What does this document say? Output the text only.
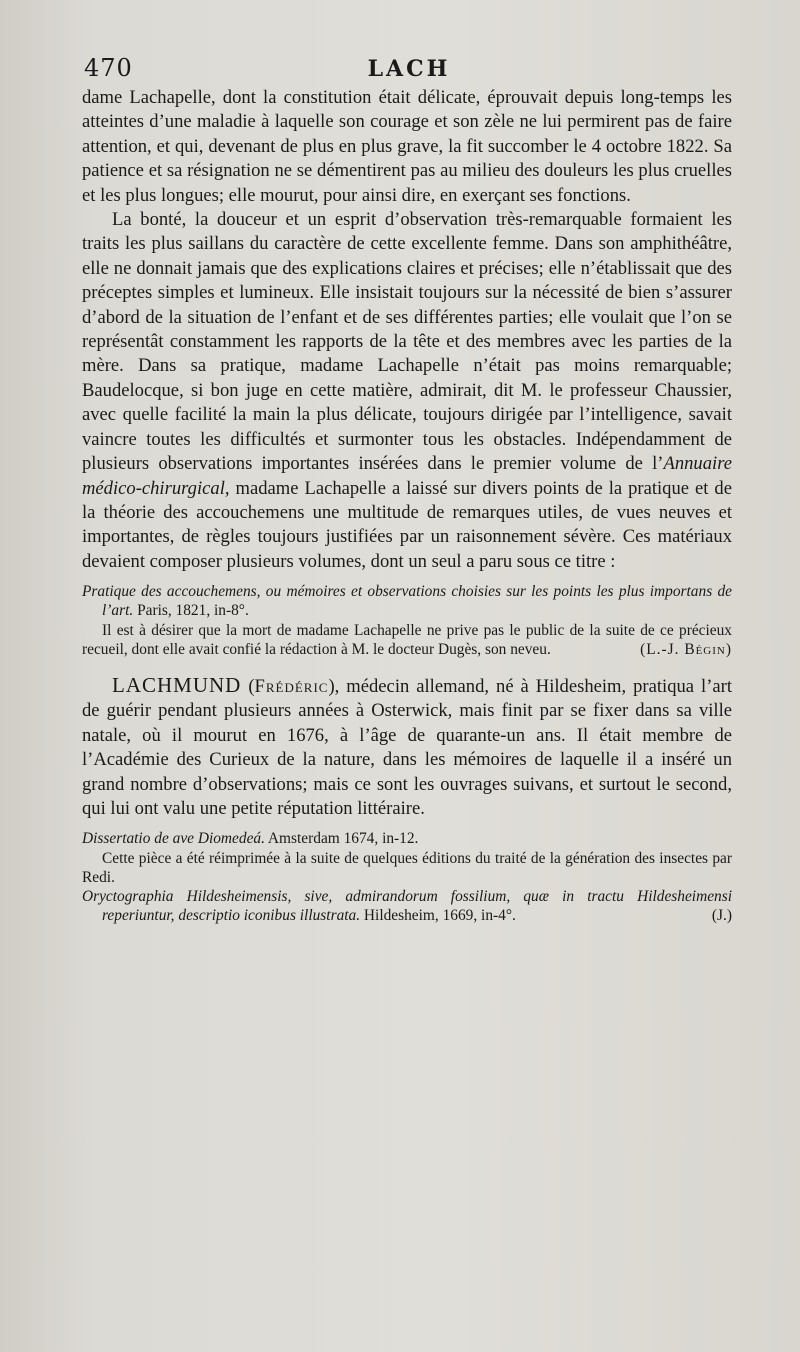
470	LACH

dame Lachapelle, dont la constitution était délicate, éprouvait depuis long-temps les atteintes d’une maladie à laquelle son courage et son zèle ne lui permirent pas de faire attention, et qui, devenant de plus en plus grave, la fit succomber le 4 octobre 1822. Sa patience et sa résignation ne se démentirent pas au milieu des douleurs les plus cruelles et les plus longues; elle mourut, pour ainsi dire, en exerçant ses fonctions.

La bonté, la douceur et un esprit d’observation très-remarquable formaient les traits les plus saillans du caractère de cette excellente femme. Dans son amphithéâtre, elle ne donnait jamais que des explications claires et précises; elle n’établissait que des préceptes simples et lumineux. Elle insistait toujours sur la nécessité de bien s’assurer d’abord de la situation de l’enfant et de ses différentes parties; elle voulait que l’on se représentât constamment les rapports de la tête et des membres avec les parties de la mère. Dans sa pratique, madame Lachapelle n’était pas moins remarquable; Baudelocque, si bon juge en cette matière, admirait, dit M. le professeur Chaussier, avec quelle facilité la main la plus délicate, toujours dirigée par l’intelligence, savait vaincre toutes les difficultés et surmonter tous les obstacles. Indépendamment de plusieurs observations importantes insérées dans le premier volume de l’Annuaire médico-chirurgical, madame Lachapelle a laissé sur divers points de la pratique et de la théorie des accouchemens une multitude de remarques utiles, de vues neuves et importantes, de règles toujours justifiées par un raisonnement sévère. Ces matériaux devaient composer plusieurs volumes, dont un seul a paru sous ce titre :

Pratique des accouchemens, ou mémoires et observations choisies sur les points les plus importans de l’art. Paris, 1821, in-8°.

Il est à désirer que la mort de madame Lachapelle ne prive pas le public de la suite de ce précieux recueil, dont elle avait confié la rédaction à M. le docteur Dugès, son neveu.	(L.-J. Bégin)

LACHMUND (Frédéric), médecin allemand, né à Hildesheim, pratiqua l’art de guérir pendant plusieurs années à Osterwick, mais finit par se fixer dans sa ville natale, où il mourut en 1676, à l’âge de quarante-un ans. Il était membre de l’Académie des Curieux de la nature, dans les mémoires de laquelle il a inséré un grand nombre d’observations; mais ce sont les ouvrages suivans, et surtout le second, qui lui ont valu une petite réputation littéraire.

Dissertatio de ave Diomedeá. Amsterdam 1674, in-12.

Cette pièce a été réimprimée à la suite de quelques éditions du traité de la génération des insectes par Redi.

Oryctographia Hildesheimensis, sive, admirandorum fossilium, quæ in tractu Hildesheimensi reperiuntur, descriptio iconibus illustrata. Hildesheim, 1669, in-4°.	(J.)
